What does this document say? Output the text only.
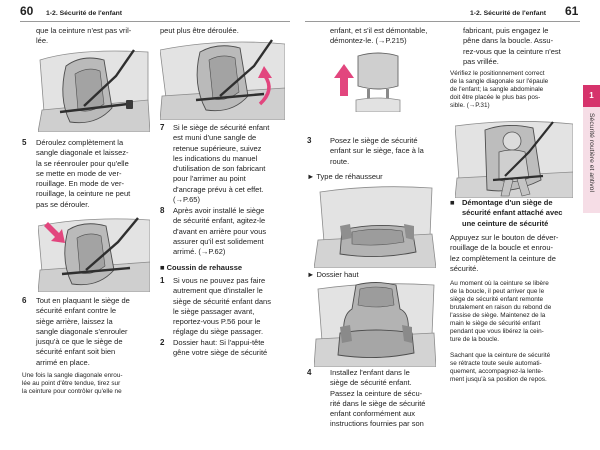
60 1-2. Sécurité de l'enfant	1-2. Sécurité de l'enfant 61
que la ceinture n'est pas vril-
lée.
5 Déroulez complètement la
sangle diagonale et laissez-
la se réenrouler pour qu'elle
se mette en mode de ver-
rouillage. En mode de ver-
rouillage, la ceinture ne peut
pas se dérouler.
6 Tout en plaquant le siège de
sécurité enfant contre le
siège arrière, laissez la
sangle diagonale s'enrouler
jusqu'à ce que le siège de
sécurité enfant soit bien
arrimé en place.
Une fois la sangle diagonale enrou-
lée au point d'être tendue, tirez sur
la ceinture pour contrôler qu'elle ne
peut plus être déroulée.
7 Si le siège de sécurité enfant
est muni d'une sangle de
retenue supérieure, suivez
les indications du manuel
d'utilisation de son fabricant
pour l'arrimer au point
d'ancrage prévu à cet effet.
(→P.65)
8 Après avoir installé le siège
de sécurité enfant, agitez-le
d'avant en arrière pour vous
assurer qu'il est solidement
arrimé. (→P.62)
■ Coussin de rehausse
1 Si vous ne pouvez pas faire
autrement que d'installer le
siège de sécurité enfant dans
le siège passager avant,
reportez-vous P.56 pour le
réglage du siège passager.
2 Dossier haut: Si l'appui-tête
gêne votre siège de sécurité
enfant, et s'il est démontable,
démontez-le. (→P.215)
3 Posez le siège de sécurité
enfant sur le siège, face à la
route.
► Type de réhausseur
► Dossier haut
4 Installez l'enfant dans le
siège de sécurité enfant.
Passez la ceinture de sécu-
rité dans le siège de sécurité
enfant conformément aux
instructions fournies par son
fabricant, puis engagez le
pêne dans la boucle. Assu-
rez-vous que la ceinture n'est
pas vrillée.
Vérifiez le positionnement correct
de la sangle diagonale sur l'épaule
de l'enfant; la sangle abdominale
doit être placée le plus bas pos-
sible. (→P.31)
■ Démontage d'un siège de
sécurité enfant attaché avec
une ceinture de sécurité
Appuyez sur le bouton de déver-
rouillage de la boucle et enrou-
lez complètement la ceinture de
sécurité.
Au moment où la ceinture se libère
de la boucle, il peut arriver que le
siège de sécurité enfant remonte
brutalement en raison du rebond de
l'assise de siège. Maintenez de la
main le siège de sécurité enfant
pendant que vous libérez la cein-
ture de la boucle.
Sachant que la ceinture de sécurité
se rétracte toute seule automati-
quement, accompagnez-la lente-
ment jusqu'à sa position de repos.
1
Sécurité routière et antivol
